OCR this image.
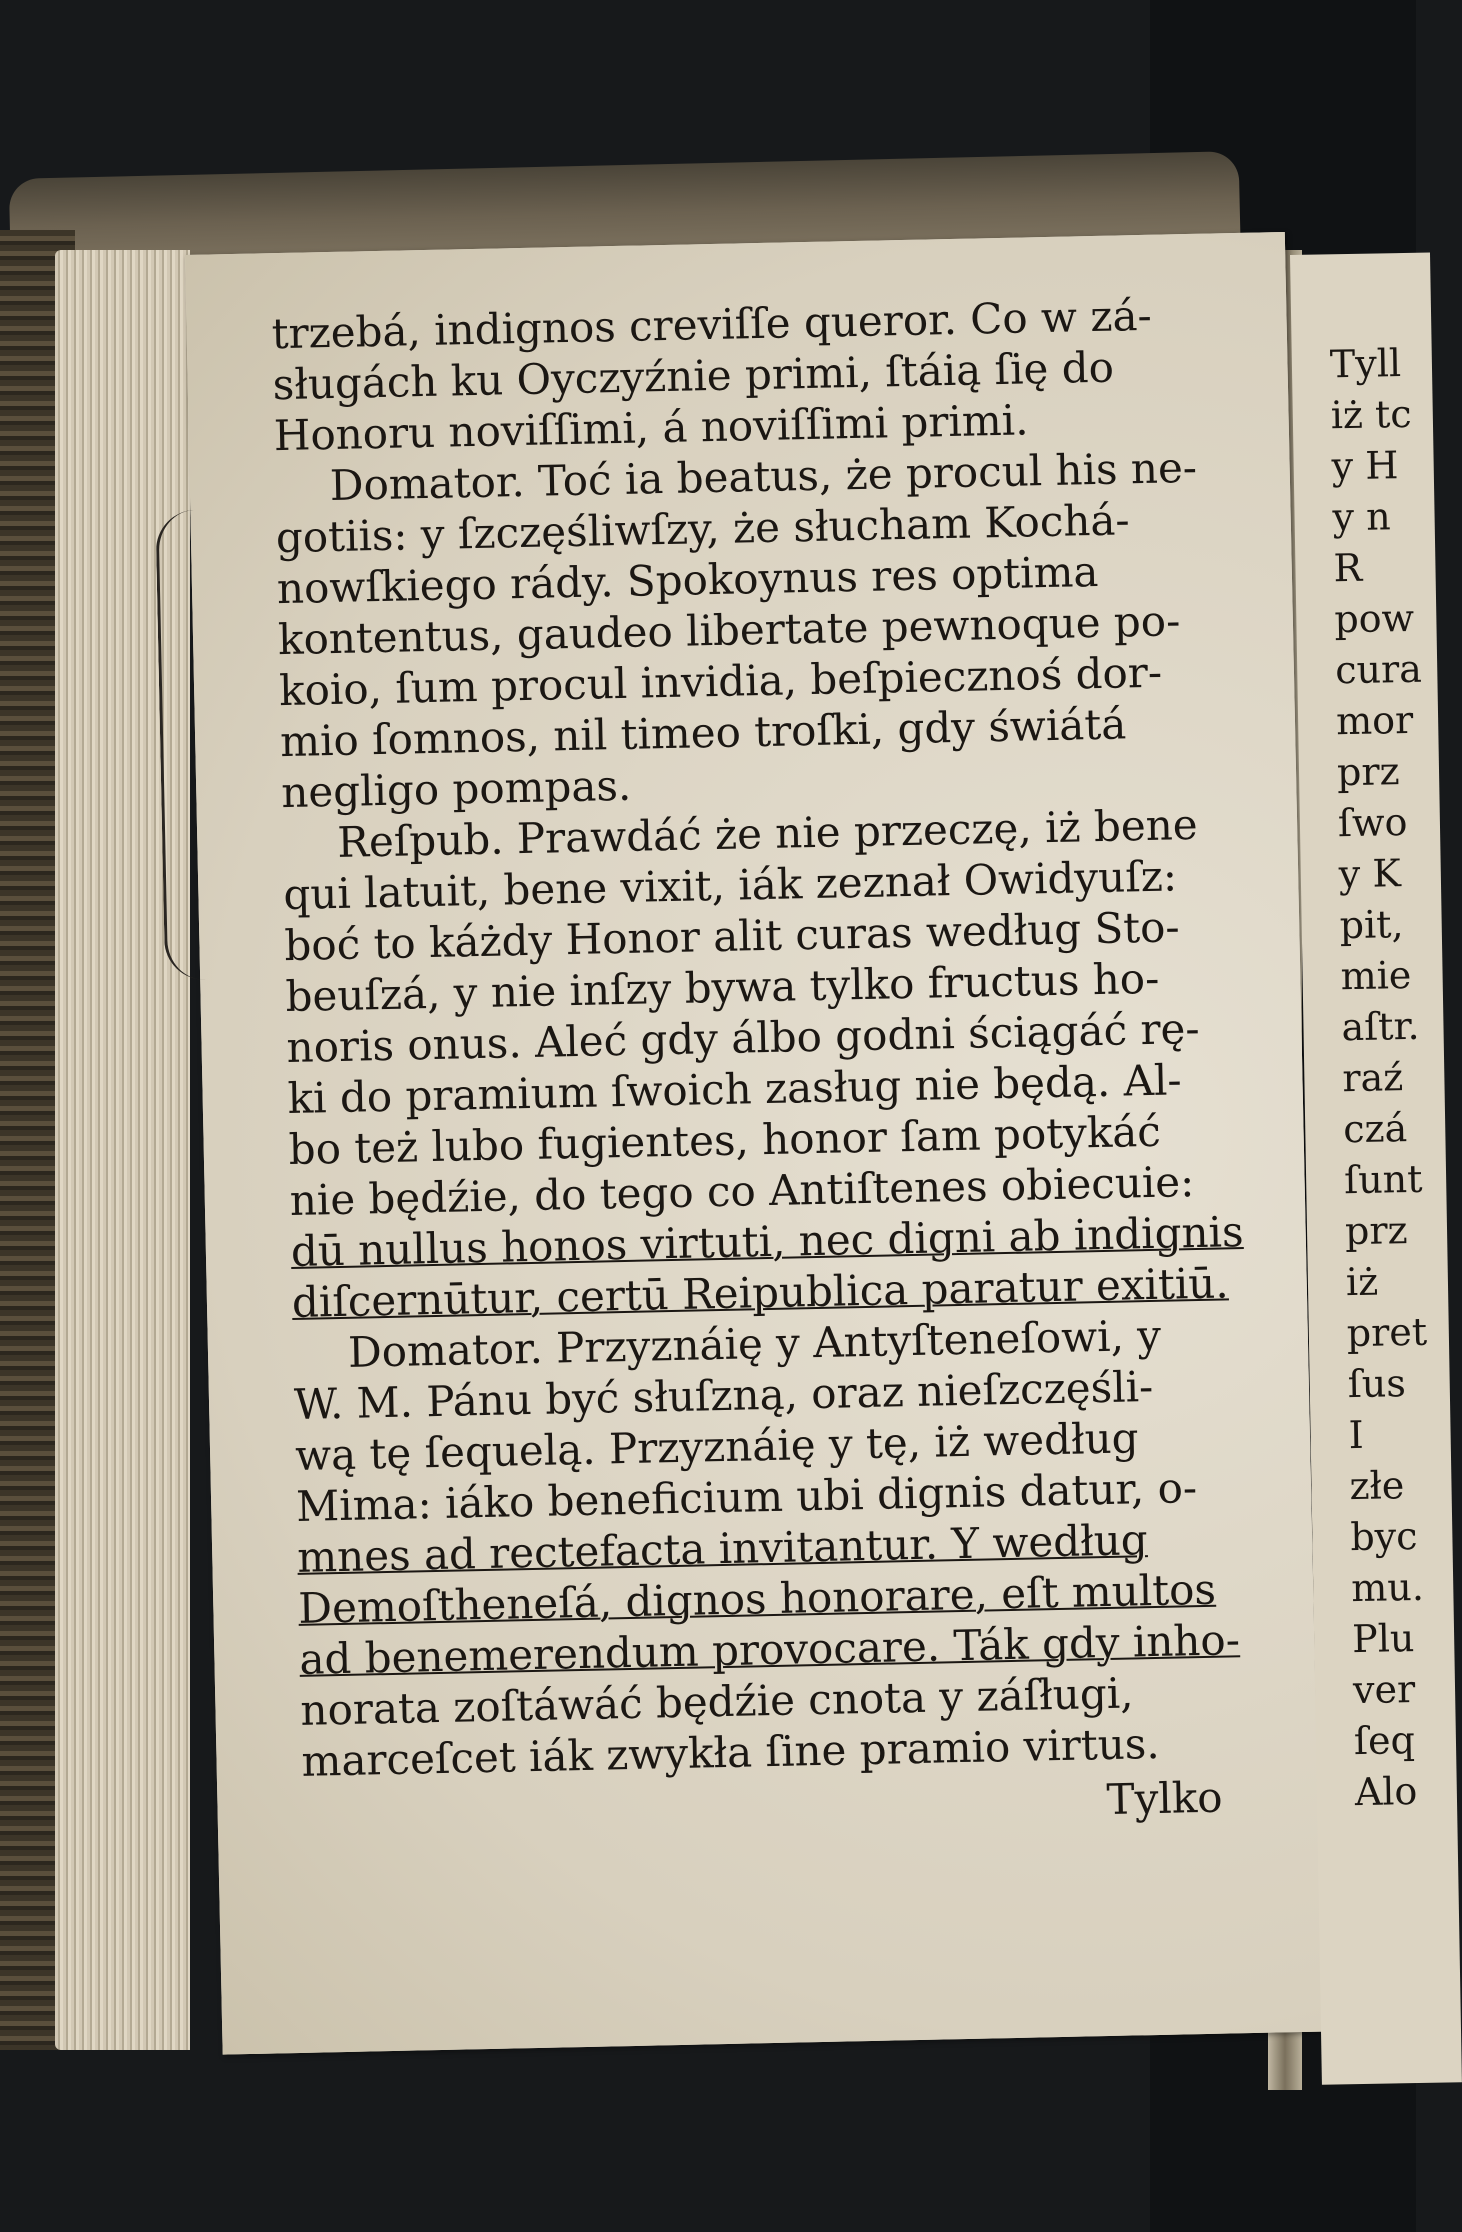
trzebá, indignos creviſſe queror. Co w zá-
sługách ku Oyczyźnie primi, ſtáią ſię do
Honoru noviſſimi, á noviſſimi primi.
Domator. Toć ia beatus, że procul his ne-
gotiis: y ſzczęśliwſzy, że słucham Kochá-
nowſkiego rády. Spokoynus res optima
kontentus, gaudeo libertate pewnoque po-
koio, ſum procul invidia, beſpiecznoś dor-
mio ſomnos, nil timeo troſki, gdy świátá
negligo pompas.
Reſpub. Prawdáć że nie przeczę, iż bene
qui latuit, bene vixit, iák zeznał Owidyuſz:
boć to káżdy Honor alit curas według Sto-
beuſzá, y nie inſzy bywa tylko fructus ho-
noris onus. Aleć gdy álbo godni ściągáć rę-
ki do pramium ſwoich zasług nie będą. Al-
bo też lubo fugientes, honor ſam potykáć
nie będźie, do tego co Antiſtenes obiecuie:
dū nullus honos virtuti, nec digni ab indignis
diſcernūtur, certū Reipublica paratur exitiū.
Domator. Przyznáię y Antyſteneſowi, y
W. M. Pánu być słuſzną, oraz nieſzczęśli-
wą tę ſequelą. Przyznáię y tę, iż według
Mima: iáko beneficium ubi dignis datur, o-
mnes ad rectefacta invitantur. Y według
Demoſtheneſá, dignos honorare, eſt multos
ad benemerendum provocare. Ták gdy inho-
norata zoſtáwáć będźie cnota y záſługi,
marceſcet iák zwykła ſine pramio virtus.
Tylko
Tyll
iż tc
y H
y n
R
pow
cura
mor
prz
ſwo
y K
pit,
mie
aſtr.
raź
czá
ſunt
prz
iż
pret
ſus
I
złe
byc
mu.
Plu
ver
ſeq
Alo
